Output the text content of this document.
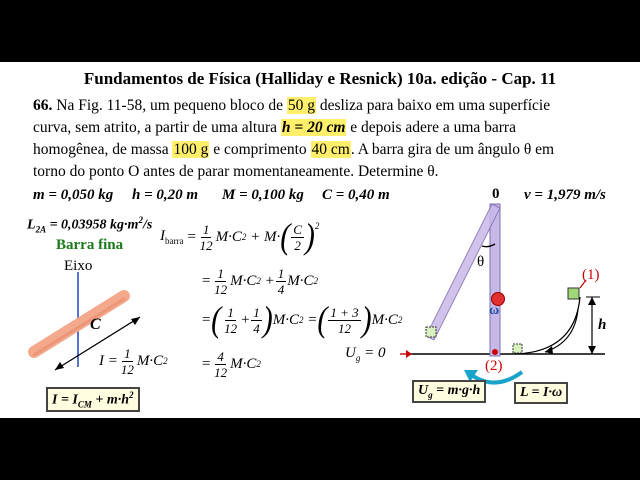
Fundamentos de Física (Halliday e Resnick) 10a. edição - Cap. 11
66. Na Fig. 11-58, um pequeno bloco de 50 g desliza para baixo em uma superfície
curva, sem atrito, a partir de uma altura h = 20 cm e depois adere a uma barra
homogênea, de massa 100 g e comprimento 40 cm. A barra gira de um ângulo θ em
torno do ponto O antes de parar momentaneamente. Determine θ.
m = 0,050 kg h = 0,20 m M = 0,100 kg C = 0,40 m	v = 1,979 m/s
$L_{2A} = 0,03958$ $kg\cdot m^2/s$
Barra fina
Eixo
C
$I = \frac{1}{12} M\cdot C$ 2
$I = I_{CM} + m\cdot h^2$
$I_{barra} = \frac{1}{12} M\cdot C$ 2 + M· ( $\frac{C}{2} )^2$
= $\frac{1}{12} M\cdot C$ $2 + \frac{1}{4} M\cdot C$ 2
= ( $\frac{1}{12} + \frac{1}{4}$ ) M·C 2 = ( $\frac{1 + 3}{12}$ ) M·C 2
= $\frac{4}{12} M\cdot C$ 2
0
θ
ω
(1)
(2)
h
$U_g = 0$
$U_g = m\cdot g\cdot h$	L = I·ω
